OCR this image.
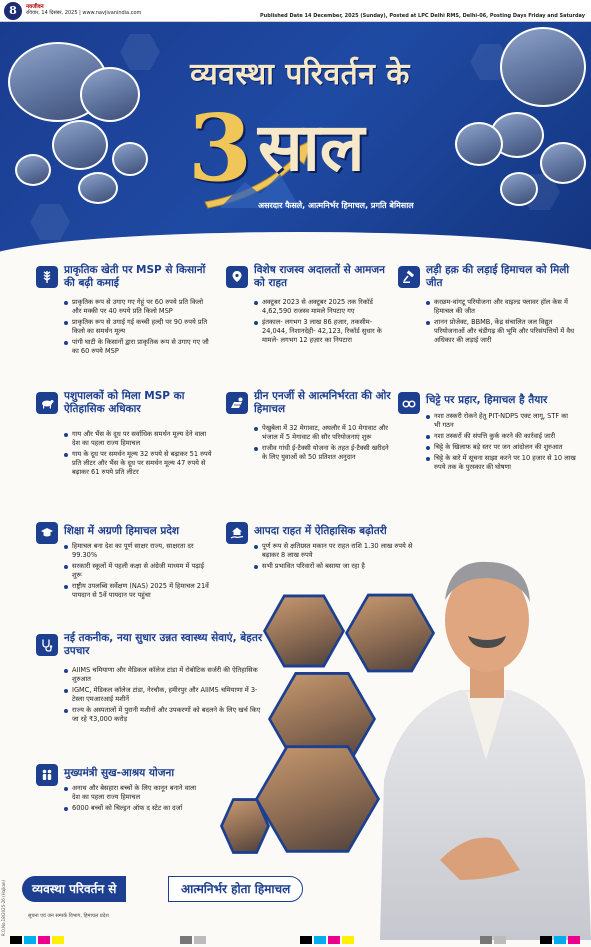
8	नवजीवन
रविवार, 14 दिसंबर, 2025 | www.navjivanindia.com	Published Date 14 December, 2025 (Sunday), Posted at LPC Delhi RMS, Delhi-06, Posting Days Friday and Saturday
व्यवस्था परिवर्तन के
3 साल
असरदार फैसले, आत्मनिर्भर हिमाचल, प्रगति बेमिसाल
प्राकृतिक खेती पर MSP से किसानों की बढ़ी कमाई
प्राकृतिक रूप से उगाए गए गेहूं पर 60 रुपये प्रति किलो और मक्की पर 40 रुपये प्रति किलो MSP
प्राकृतिक रूप से उगाई गई कच्ची हल्दी पर 90 रुपये प्रति किलो का समर्थन मूल्य
पांगी घाटी के किसानों द्वारा प्राकृतिक रूप से उगाए गए जौ का 60 रुपये MSP
विशेष राजस्व अदालतों से आमजन को राहत
अक्टूबर 2023 से अक्टूबर 2025 तक रिकॉर्ड 4,62,590 राजस्व मामले निपटाए गए
इंतकाल- लगभग 3 लाख 86 हजार, तकसीम- 24,044, निशानदेही- 42,123, रिकॉर्ड सुधार के मामले- लगभग 12 हज़ार का निपटारा
लड़ी हक़ की लड़ाई हिमाचल को मिली जीत
करछम-वांगटू परियोजना और वाइल्ड फ्लावर हॉल केस में हिमाचल की जीत
शानन प्रोजेक्ट, BBMB, केंद्र संचालित जल विद्युत परियोजनाओं और चंडीगढ़ की भूमि और परिसंपत्तियों में वैध अधिकार की लड़ाई जारी
पशुपालकों को मिला MSP का ऐतिहासिक अधिकार
गाय और भैंस के दूध पर सर्वाधिक समर्थन मूल्य देने वाला देश का पहला राज्य हिमाचल
गाय के दूध पर समर्थन मूल्य 32 रुपये से बढ़ाकर 51 रुपये प्रति लीटर और भैंस के दूध पर समर्थन मूल्य 47 रुपये से बढ़ाकर 61 रुपये प्रति लीटर
ग्रीन एनर्जी से आत्मनिर्भरता की ओर हिमाचल
पेखुबेला में 32 मेगावाट, अघलौर में 10 मेगावाट और भंजाल में 5 मेगावाट की सौर परियोजनाएं शुरू
राजीव गांधी ई-टैक्सी योजना के तहत ई-टैक्सी खरीदने के लिए युवाओं को 50 प्रतिशत अनुदान
चिट्टे पर प्रहार, हिमाचल है तैयार
नशा तस्करी रोकने हेतु PIT-NDPS एक्ट लागू, STF का भी गठन
नशा तस्करों की संपत्ति कुर्क करने की कार्रवाई जारी
चिट्टे के खिलाफ बड़े स्तर पर जन आंदोलन की शुरुआत
चिट्टे के बारे में सूचना साझा करने पर 10 हजार से 10 लाख रुपये तक के पुरस्कार की घोषणा
शिक्षा में अग्रणी हिमाचल प्रदेश
हिमाचल बना देश का पूर्ण साक्षर राज्य, साक्षरता दर 99.30%
सरकारी स्कूलों में पहली कक्षा से अंग्रेजी माध्यम में पढ़ाई शुरू
राष्ट्रीय उपलब्धि सर्वेक्षण (NAS) 2025 में हिमाचल 21वें पायदान से 5वें पायदान पर पहुंचा
आपदा राहत में ऐतिहासिक बढ़ोतरी
पूर्ण रूप से क्षतिग्रस्त मकान पर राहत राशि 1.30 लाख रुपये से बढ़ाकर 8 लाख रुपये
सभी प्रभावित परिवारों को बसाया जा रहा है
नई तकनीक, नया सुधार उन्नत स्वास्थ्य सेवाएं, बेहतर उपचार
AIIMS चमियाणा और मेडिकल कॉलेज टांडा में रोबोटिक सर्जरी की ऐतिहासिक शुरुआत
IGMC, मेडिकल कॉलेज टांडा, नेरचौक, हमीरपुर और AIIMS चमियाणा में 3-टेस्ला एमआरआई मशीनें
राज्य के अस्पतालों में पुरानी मशीनों और उपकरणों को बदलने के लिए खर्च किए जा रहे ₹3,000 करोड़
मुख्यमंत्री सुख-आश्रय योजना
अनाथ और बेसहारा बच्चों के लिए कानून बनाने वाला देश का पहला राज्य हिमाचल
6000 बच्चों को चिल्ड्रन ऑफ द स्टेट का दर्जा
व्यवस्था परिवर्तन से	आत्मनिर्भर होता हिमाचल
सूचना एवं जन सम्पर्क विभाग, हिमाचल प्रदेश
R.O.No.18/2025-26 (Hajkan)
